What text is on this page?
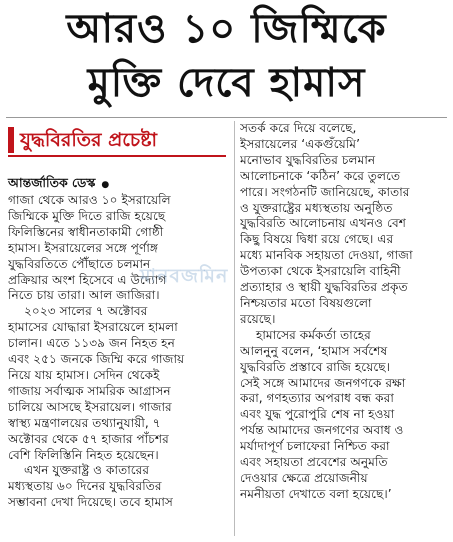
আরও ১০ জিম্মিকে
মুক্তি দেবে হামাস
যুদ্ধবিরতির প্রচেষ্টা
আন্তর্জাতিক ডেস্ক ●
গাজা থেকে আরও ১০ ইসরায়েলি
জিম্মিকে মুক্তি দিতে রাজি হয়েছে
ফিলিস্তিনের স্বাধীনতাকামী গোষ্ঠী
হামাস। ইসরায়েলের সঙ্গে পূর্ণাঙ্গ
যুদ্ধবিরতিতে পৌঁছাতে চলমান
প্রক্রিয়ার অংশ হিসেবে এ উদ্যোগ
নিতে চায় তারা। আল জাজিরা।
২০২৩ সালের ৭ অক্টোবর
হামাসের যোদ্ধারা ইসরায়েলে হামলা
চালান। এতে ১১৩৯ জন নিহত হন
এবং ২৫১ জনকে জিম্মি করে গাজায়
নিয়ে যায় হামাস। সেদিন থেকেই
গাজায় সর্বাত্মক সামরিক আগ্রাসন
চালিয়ে আসছে ইসরায়েল। গাজার
স্বাস্থ্য মন্ত্রণালয়ের তথ্যানুযায়ী, ৭
অক্টোবর থেকে ৫৭ হাজার পাঁচশর
বেশি ফিলিস্তিনি নিহত হয়েছেন।
এখন যুক্তরাষ্ট্র ও কাতারের
মধ্যস্থতায় ৬০ দিনের যুদ্ধবিরতির
সম্ভাবনা দেখা দিয়েছে। তবে হামাস
সতর্ক করে দিয়ে বলেছে,
ইসরায়েলের ‘একগুঁয়েমি’
মনোভাব যুদ্ধবিরতির চলমান
আলোচনাকে ‘কঠিন’ করে তুলতে
পারে। সংগঠনটি জানিয়েছে, কাতার
ও যুক্তরাষ্ট্রের মধ্যস্থতায় অনুষ্ঠিত
যুদ্ধবিরতি আলোচনায় এখনও বেশ
কিছু বিষয়ে দ্বিধা রয়ে গেছে। এর
মধ্যে মানবিক সহায়তা দেওয়া, গাজা
উপত্যকা থেকে ইসরায়েলি বাহিনী
প্রত্যাহার ও স্থায়ী যুদ্ধবিরতির প্রকৃত
নিশ্চয়তার মতো বিষয়গুলো
রয়েছে।
হামাসের কর্মকর্তা তাহের
আলনুনু বলেন, ‘হামাস সর্বশেষ
যুদ্ধবিরতি প্রস্তাবে রাজি হয়েছে।
সেই সঙ্গে আমাদের জনগণকে রক্ষা
করা, গণহত্যার অপরাধ বন্ধ করা
এবং যুদ্ধ পুরোপুরি শেষ না হওয়া
পর্যন্ত আমাদের জনগণের অবাধ ও
মর্যাদাপূর্ণ চলাফেরা নিশ্চিত করা
এবং সহায়তা প্রবেশের অনুমতি
দেওয়ার ক্ষেত্রে প্রয়োজনীয়
নমনীয়তা দেখাতে বলা হয়েছে।’
মানবজমিন
